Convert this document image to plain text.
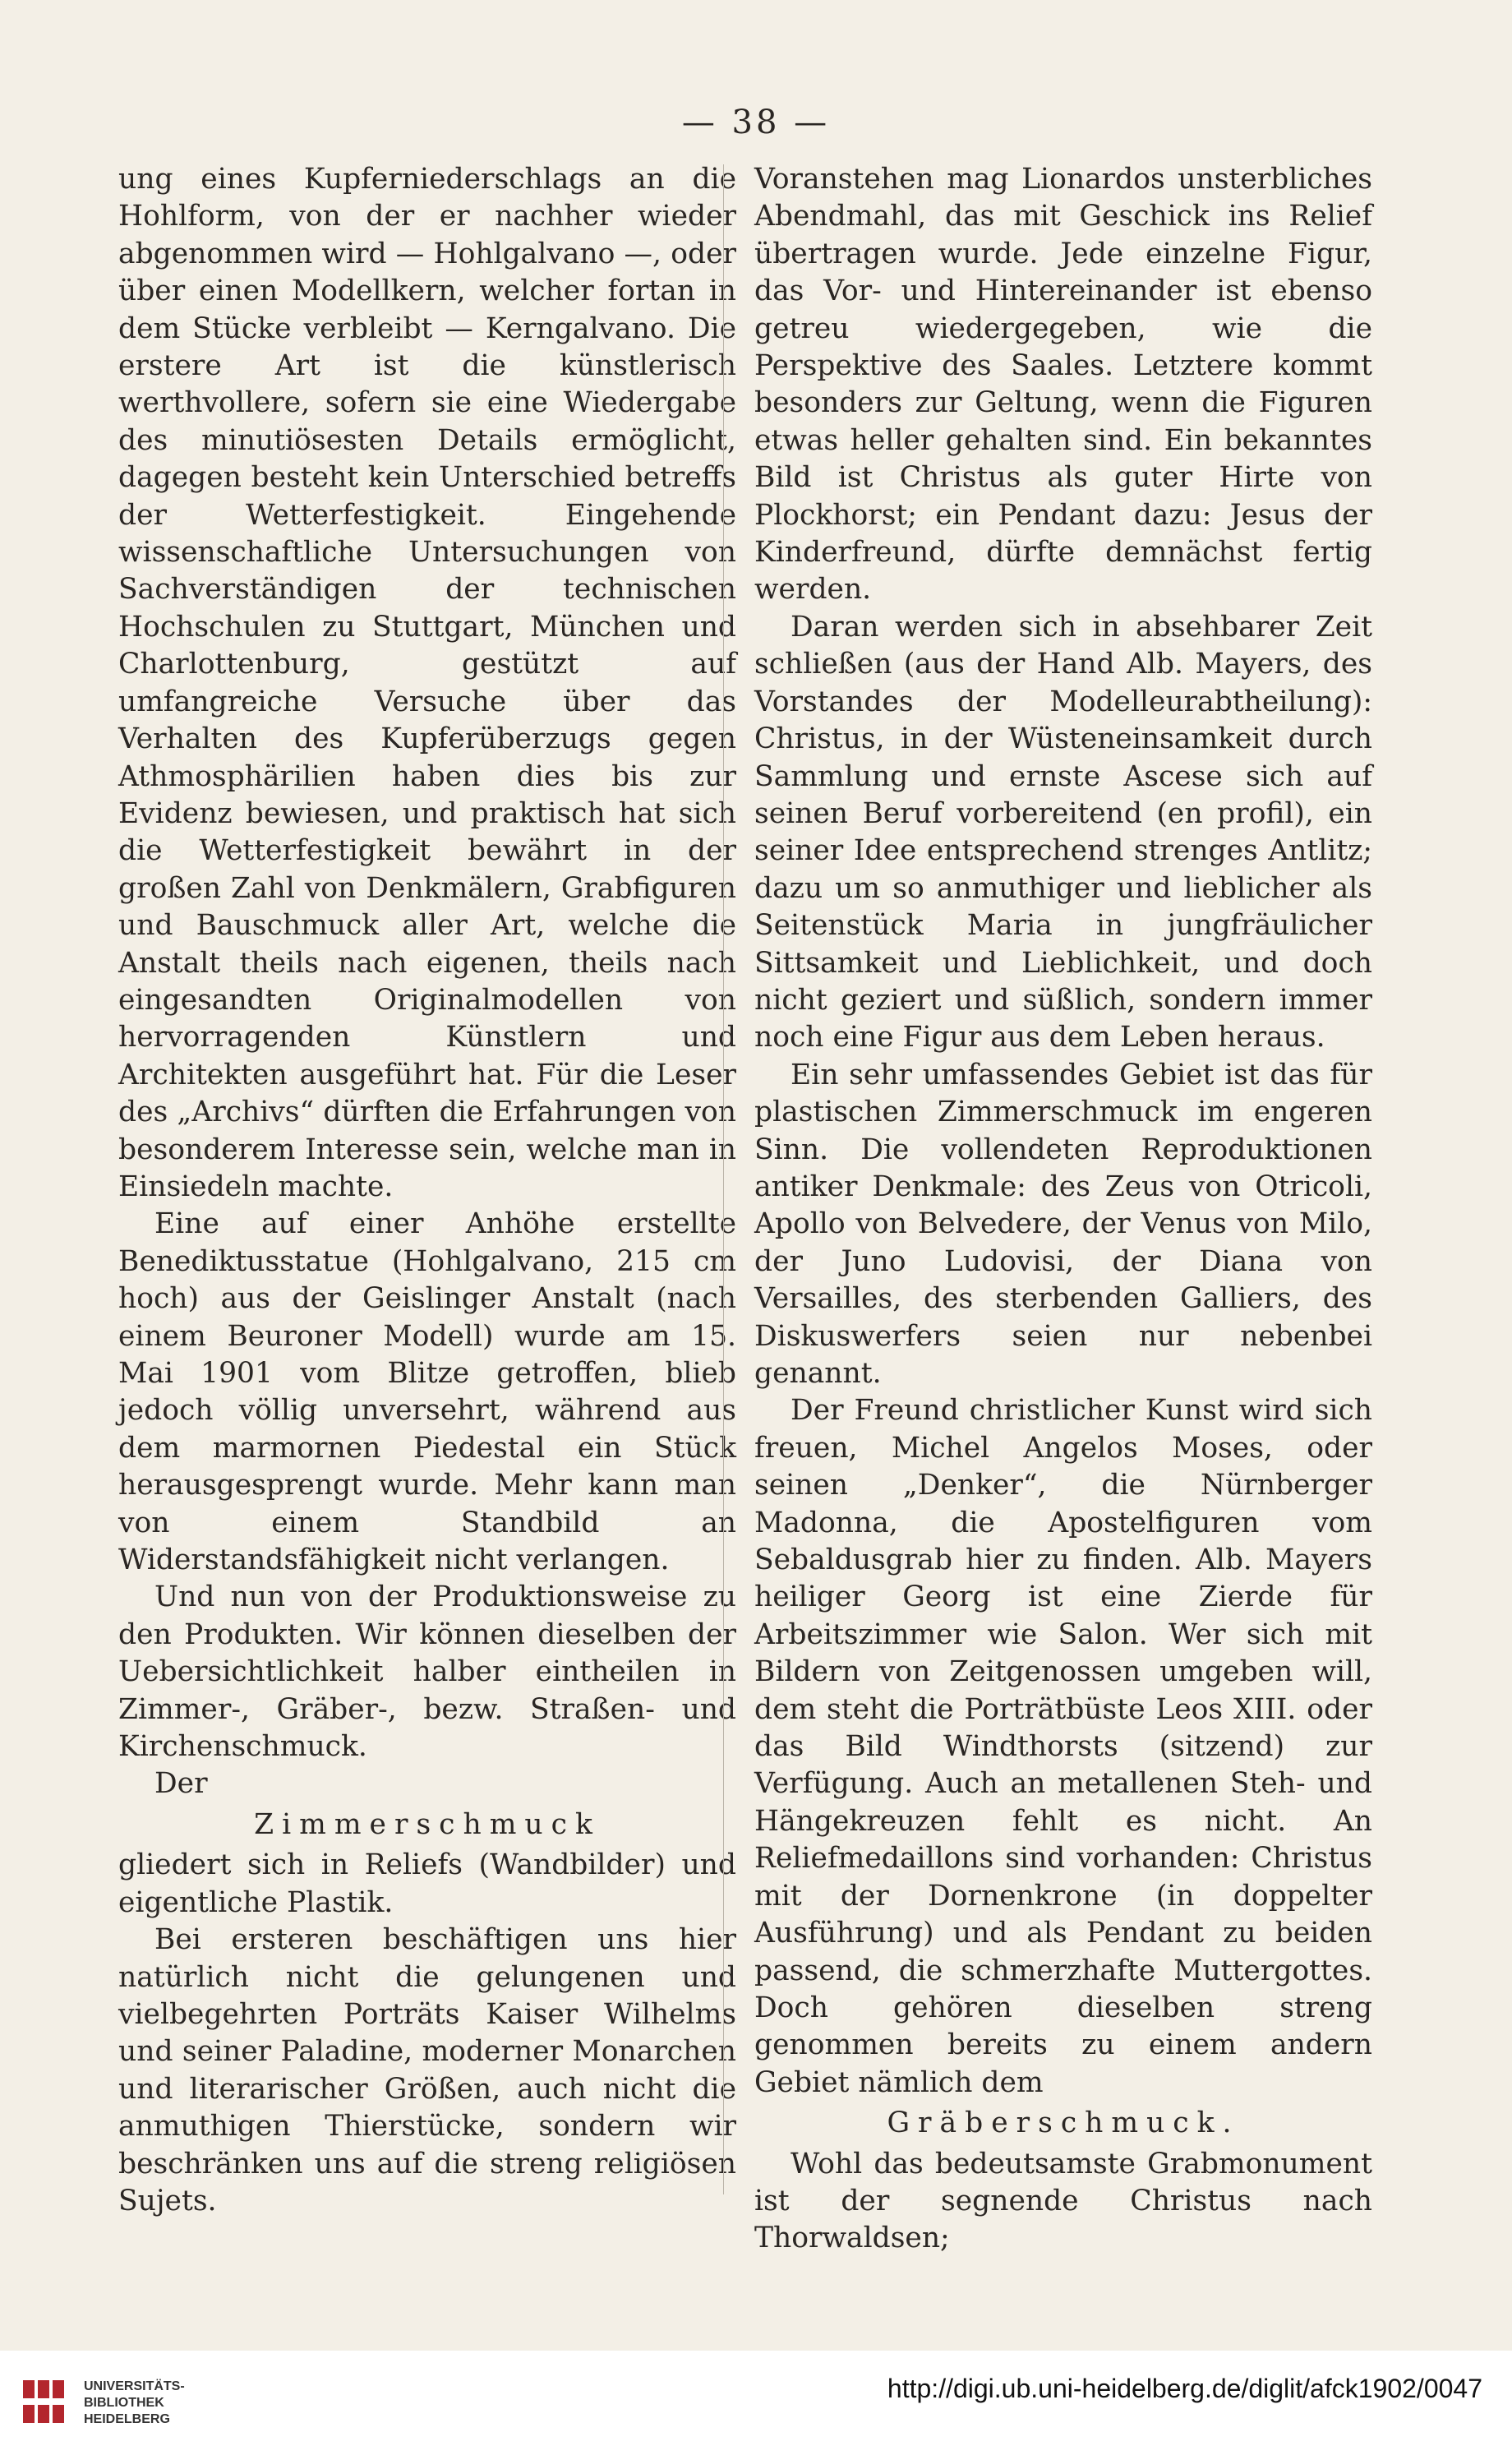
— 38 —

ung eines Kupferniederschlags an die Hohlform, von der er nachher wieder abgenommen wird — Hohlgalvano —, oder über einen Modellkern, welcher fortan in dem Stücke verbleibt — Kerngalvano. Die erstere Art ist die künstlerisch werthvollere, sofern sie eine Wiedergabe des minutiösesten Details ermöglicht, dagegen besteht kein Unterschied betreffs der Wetterfestigkeit. Eingehende wissenschaftliche Untersuchungen von Sachverständigen der technischen Hochschulen zu Stuttgart, München und Charlottenburg, gestützt auf umfangreiche Versuche über das Verhalten des Kupferüberzugs gegen Athmosphärilien haben dies bis zur Evidenz bewiesen, und praktisch hat sich die Wetterfestigkeit bewährt in der großen Zahl von Denkmälern, Grabfiguren und Bauschmuck aller Art, welche die Anstalt theils nach eigenen, theils nach eingesandten Originalmodellen von hervorragenden Künstlern und Architekten ausgeführt hat. Für die Leser des „Archivs“ dürften die Erfahrungen von besonderem Interesse sein, welche man in Einsiedeln machte.

Eine auf einer Anhöhe erstellte Benediktusstatue (Hohlgalvano, 215 cm hoch) aus der Geislinger Anstalt (nach einem Beuroner Modell) wurde am 15. Mai 1901 vom Blitze getroffen, blieb jedoch völlig unversehrt, während aus dem marmornen Piedestal ein Stück herausgesprengt wurde. Mehr kann man von einem Standbild an Widerstandsfähigkeit nicht verlangen.

Und nun von der Produktionsweise zu den Produkten. Wir können dieselben der Uebersichtlichkeit halber eintheilen in Zimmer-, Gräber-, bezw. Straßen- und Kirchenschmuck.

Der

Zimmerschmuck

gliedert sich in Reliefs (Wandbilder) und eigentliche Plastik.

Bei ersteren beschäftigen uns hier natürlich nicht die gelungenen und vielbegehrten Porträts Kaiser Wilhelms und seiner Paladine, moderner Monarchen und literarischer Größen, auch nicht die anmuthigen Thierstücke, sondern wir beschränken uns auf die streng religiösen Sujets.

Voranstehen mag Lionardos unsterbliches Abendmahl, das mit Geschick ins Relief übertragen wurde. Jede einzelne Figur, das Vor- und Hintereinander ist ebenso getreu wiedergegeben, wie die Perspektive des Saales. Letztere kommt besonders zur Geltung, wenn die Figuren etwas heller gehalten sind. Ein bekanntes Bild ist Christus als guter Hirte von Plockhorst; ein Pendant dazu: Jesus der Kinderfreund, dürfte demnächst fertig werden.

Daran werden sich in absehbarer Zeit schließen (aus der Hand Alb. Mayers, des Vorstandes der Modelleurabtheilung): Christus, in der Wüsteneinsamkeit durch Sammlung und ernste Ascese sich auf seinen Beruf vorbereitend (en profil), ein seiner Idee entsprechend strenges Antlitz; dazu um so anmuthiger und lieblicher als Seitenstück Maria in jungfräulicher Sittsamkeit und Lieblichkeit, und doch nicht geziert und süßlich, sondern immer noch eine Figur aus dem Leben heraus.

Ein sehr umfassendes Gebiet ist das für plastischen Zimmerschmuck im engeren Sinn. Die vollendeten Reproduktionen antiker Denkmale: des Zeus von Otricoli, Apollo von Belvedere, der Venus von Milo, der Juno Ludovisi, der Diana von Versailles, des sterbenden Galliers, des Diskuswerfers seien nur nebenbei genannt.

Der Freund christlicher Kunst wird sich freuen, Michel Angelos Moses, oder seinen „Denker“, die Nürnberger Madonna, die Apostelfiguren vom Sebaldusgrab hier zu finden. Alb. Mayers heiliger Georg ist eine Zierde für Arbeitszimmer wie Salon. Wer sich mit Bildern von Zeitgenossen umgeben will, dem steht die Porträtbüste Leos XIII. oder das Bild Windthorsts (sitzend) zur Verfügung. Auch an metallenen Steh- und Hängekreuzen fehlt es nicht. An Reliefmedaillons sind vorhanden: Christus mit der Dornenkrone (in doppelter Ausführung) und als Pendant zu beiden passend, die schmerzhafte Muttergottes. Doch gehören dieselben streng genommen bereits zu einem andern Gebiet nämlich dem

Gräberschmuck.

Wohl das bedeutsamste Grabmonument ist der segnende Christus nach Thorwaldsen;

UNIVERSITÄTS-
BIBLIOTHEK
HEIDELBERG
http://digi.ub.uni-heidelberg.de/diglit/afck1902/0047
